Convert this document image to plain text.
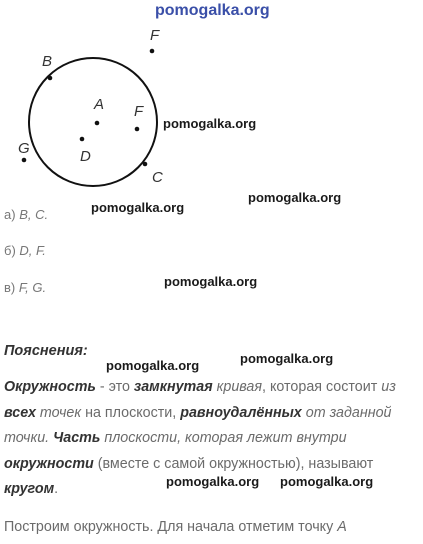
pomogalka.org
pomogalka.org
pomogalka.org
pomogalka.org
pomogalka.org
pomogalka.org
pomogalka.org
pomogalka.org pomogalka.org
B
A
D
F
C
F
G
а) B, C.
б) D, F.
в) F, G.
Пояснения:
Окружность - это замкнутая кривая, которая состоит из всех точек на плоскости, равноудалённых от заданной точки. Часть плоскости, которая лежит внутри окружности (вместе с самой окружностью), называют кругом.
Построим окружность. Для начала отметим точку A
